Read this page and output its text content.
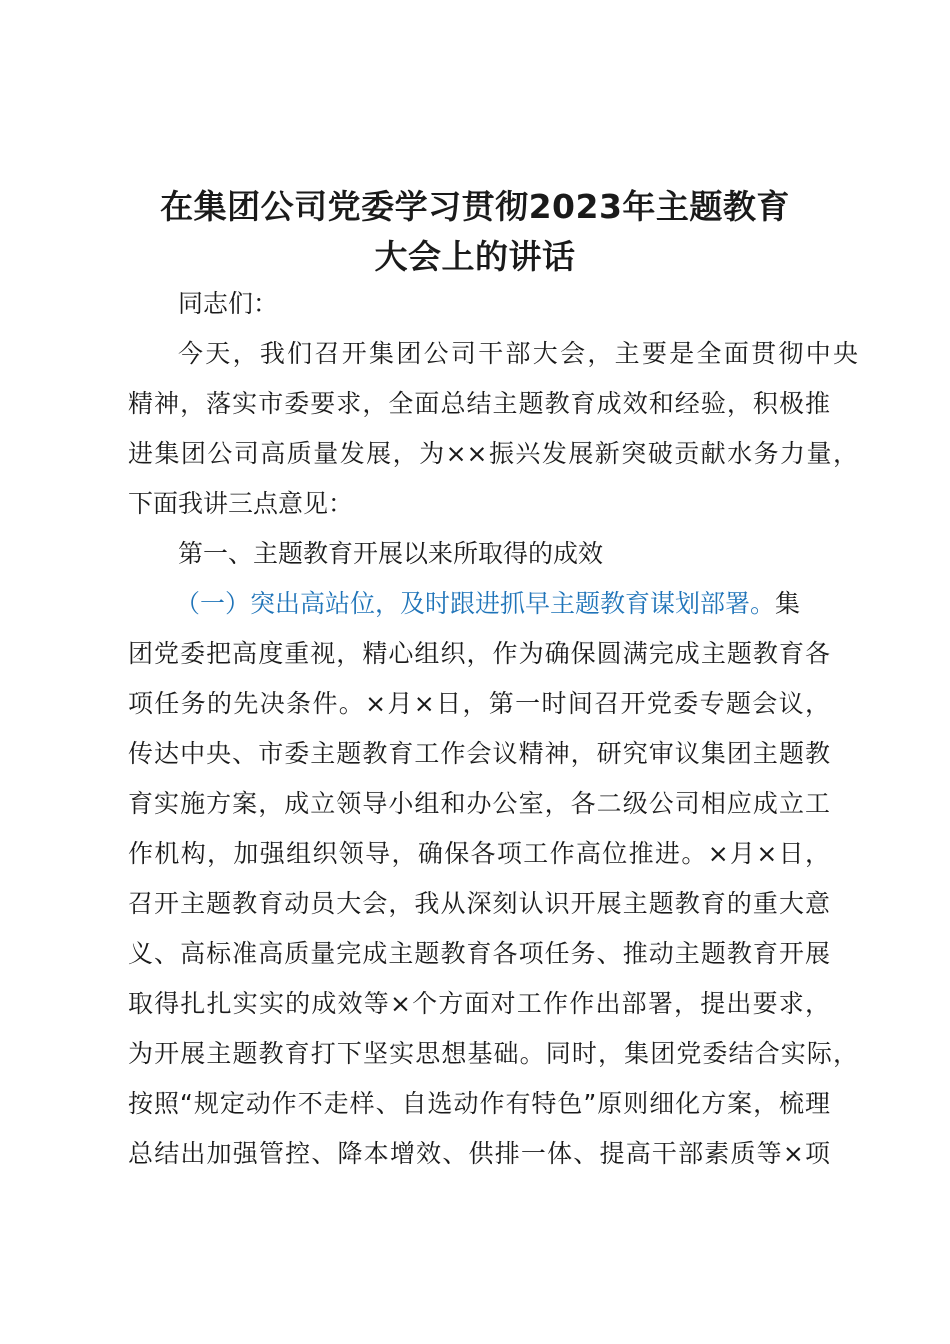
在集团公司党委学习贯彻2023年主题教育
大会上的讲话
同志们：
今天，我们召开集团公司干部大会，主要是全面贯彻中央
精神，落实市委要求，全面总结主题教育成效和经验，积极推
进集团公司高质量发展，为××振兴发展新突破贡献水务力量，
下面我讲三点意见：
第一、主题教育开展以来所取得的成效
（一）突出高站位，及时跟进抓早主题教育谋划部署。集
团党委把高度重视，精心组织，作为确保圆满完成主题教育各
项任务的先决条件。×月×日，第一时间召开党委专题会议，
传达中央、市委主题教育工作会议精神，研究审议集团主题教
育实施方案，成立领导小组和办公室，各二级公司相应成立工
作机构，加强组织领导，确保各项工作高位推进。×月×日，
召开主题教育动员大会，我从深刻认识开展主题教育的重大意
义、高标准高质量完成主题教育各项任务、推动主题教育开展
取得扎扎实实的成效等×个方面对工作作出部署，提出要求，
为开展主题教育打下坚实思想基础。同时，集团党委结合实际，
按照“规定动作不走样、自选动作有特色”原则细化方案，梳理
总结出加强管控、降本增效、供排一体、提高干部素质等×项
